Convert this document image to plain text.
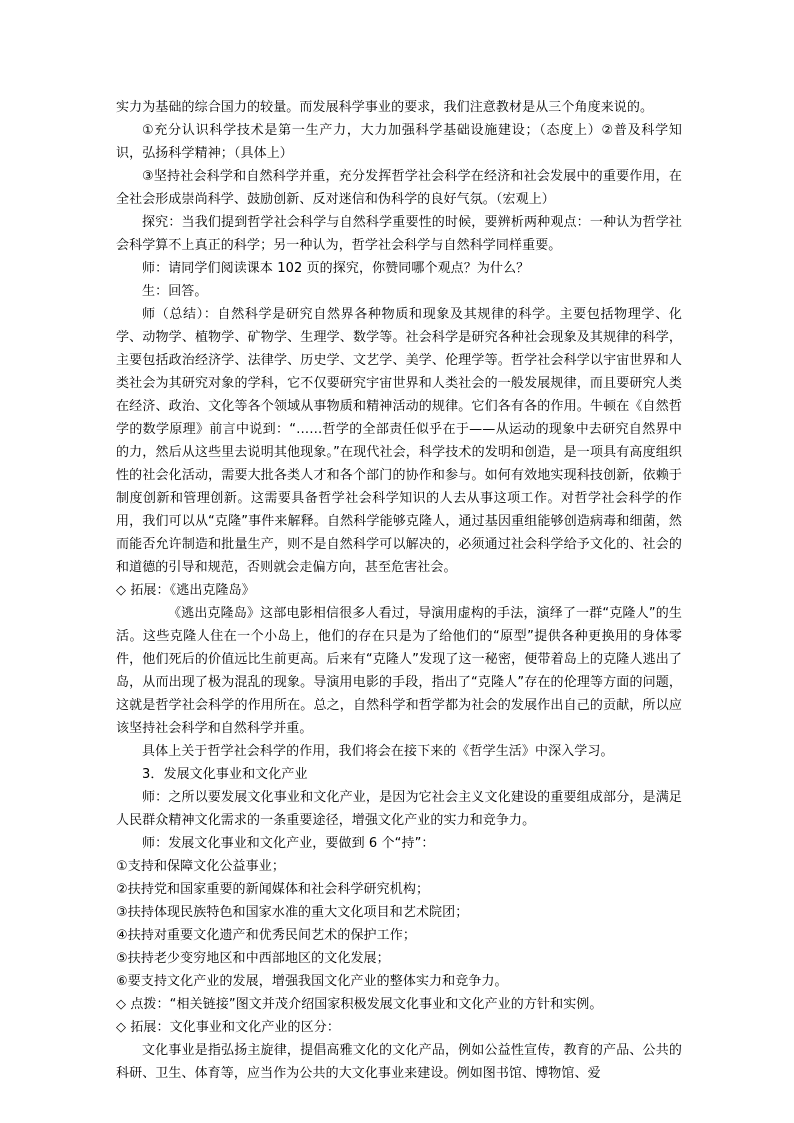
实力为基础的综合国力的较量。而发展科学事业的要求，我们注意教材是从三个角度来说的。

①充分认识科学技术是第一生产力，大力加强科学基础设施建设；（态度上）②普及科学知识，弘扬科学精神；（具体上）

③坚持社会科学和自然科学并重，充分发挥哲学社会科学在经济和社会发展中的重要作用，在全社会形成崇尚科学、鼓励创新、反对迷信和伪科学的良好气氛。（宏观上）

探究：当我们提到哲学社会科学与自然科学重要性的时候，要辨析两种观点：一种认为哲学社会科学算不上真正的科学；另一种认为，哲学社会科学与自然科学同样重要。

师：请同学们阅读课本 102 页的探究，你赞同哪个观点？为什么？

生：回答。

师（总结）：自然科学是研究自然界各种物质和现象及其规律的科学。主要包括物理学、化学、动物学、植物学、矿物学、生理学、数学等。社会科学是研究各种社会现象及其规律的科学，主要包括政治经济学、法律学、历史学、文艺学、美学、伦理学等。哲学社会科学以宇宙世界和人类社会为其研究对象的学科，它不仅要研究宇宙世界和人类社会的一般发展规律，而且要研究人类在经济、政治、文化等各个领域从事物质和精神活动的规律。它们各有各的作用。牛顿在《自然哲学的数学原理》前言中说到：“……哲学的全部责任似乎在于——从运动的现象中去研究自然界中的力，然后从这些里去说明其他现象。”在现代社会，科学技术的发明和创造，是一项具有高度组织性的社会化活动，需要大批各类人才和各个部门的协作和参与。如何有效地实现科技创新，依赖于制度创新和管理创新。这需要具备哲学社会科学知识的人去从事这项工作。对哲学社会科学的作用，我们可以从“克隆”事件来解释。自然科学能够克隆人，通过基因重组能够创造病毒和细菌，然而能否允许制造和批量生产，则不是自然科学可以解决的，必须通过社会科学给予文化的、社会的和道德的引导和规范，否则就会走偏方向，甚至危害社会。

◇ 拓展：《逃出克隆岛》

《逃出克隆岛》这部电影相信很多人看过，导演用虚构的手法，演绎了一群“克隆人”的生活。这些克隆人住在一个小岛上，他们的存在只是为了给他们的“原型”提供各种更换用的身体零件，他们死后的价值远比生前更高。后来有“克隆人”发现了这一秘密，便带着岛上的克隆人逃出了岛，从而出现了极为混乱的现象。导演用电影的手段，指出了“克隆人”存在的伦理等方面的问题，这就是哲学社会科学的作用所在。总之，自然科学和哲学都为社会的发展作出自己的贡献，所以应该坚持社会科学和自然科学并重。

具体上关于哲学社会科学的作用，我们将会在接下来的《哲学生活》中深入学习。

3．发展文化事业和文化产业

师：之所以要发展文化事业和文化产业，是因为它社会主义文化建设的重要组成部分，是满足人民群众精神文化需求的一条重要途径，增强文化产业的实力和竞争力。

师：发展文化事业和文化产业，要做到 6 个“持”：

①支持和保障文化公益事业；

②扶持党和国家重要的新闻媒体和社会科学研究机构；

③扶持体现民族特色和国家水准的重大文化项目和艺术院团；

④扶持对重要文化遗产和优秀民间艺术的保护工作；

⑤扶持老少变穷地区和中西部地区的文化发展；

⑥要支持文化产业的发展，增强我国文化产业的整体实力和竞争力。

◇ 点拨：“相关链接”图文并茂介绍国家积极发展文化事业和文化产业的方针和实例。

◇ 拓展：文化事业和文化产业的区分：

文化事业是指弘扬主旋律，提倡高雅文化的文化产品，例如公益性宣传，教育的产品、公共的科研、卫生、体育等，应当作为公共的大文化事业来建设。例如图书馆、博物馆、爱
